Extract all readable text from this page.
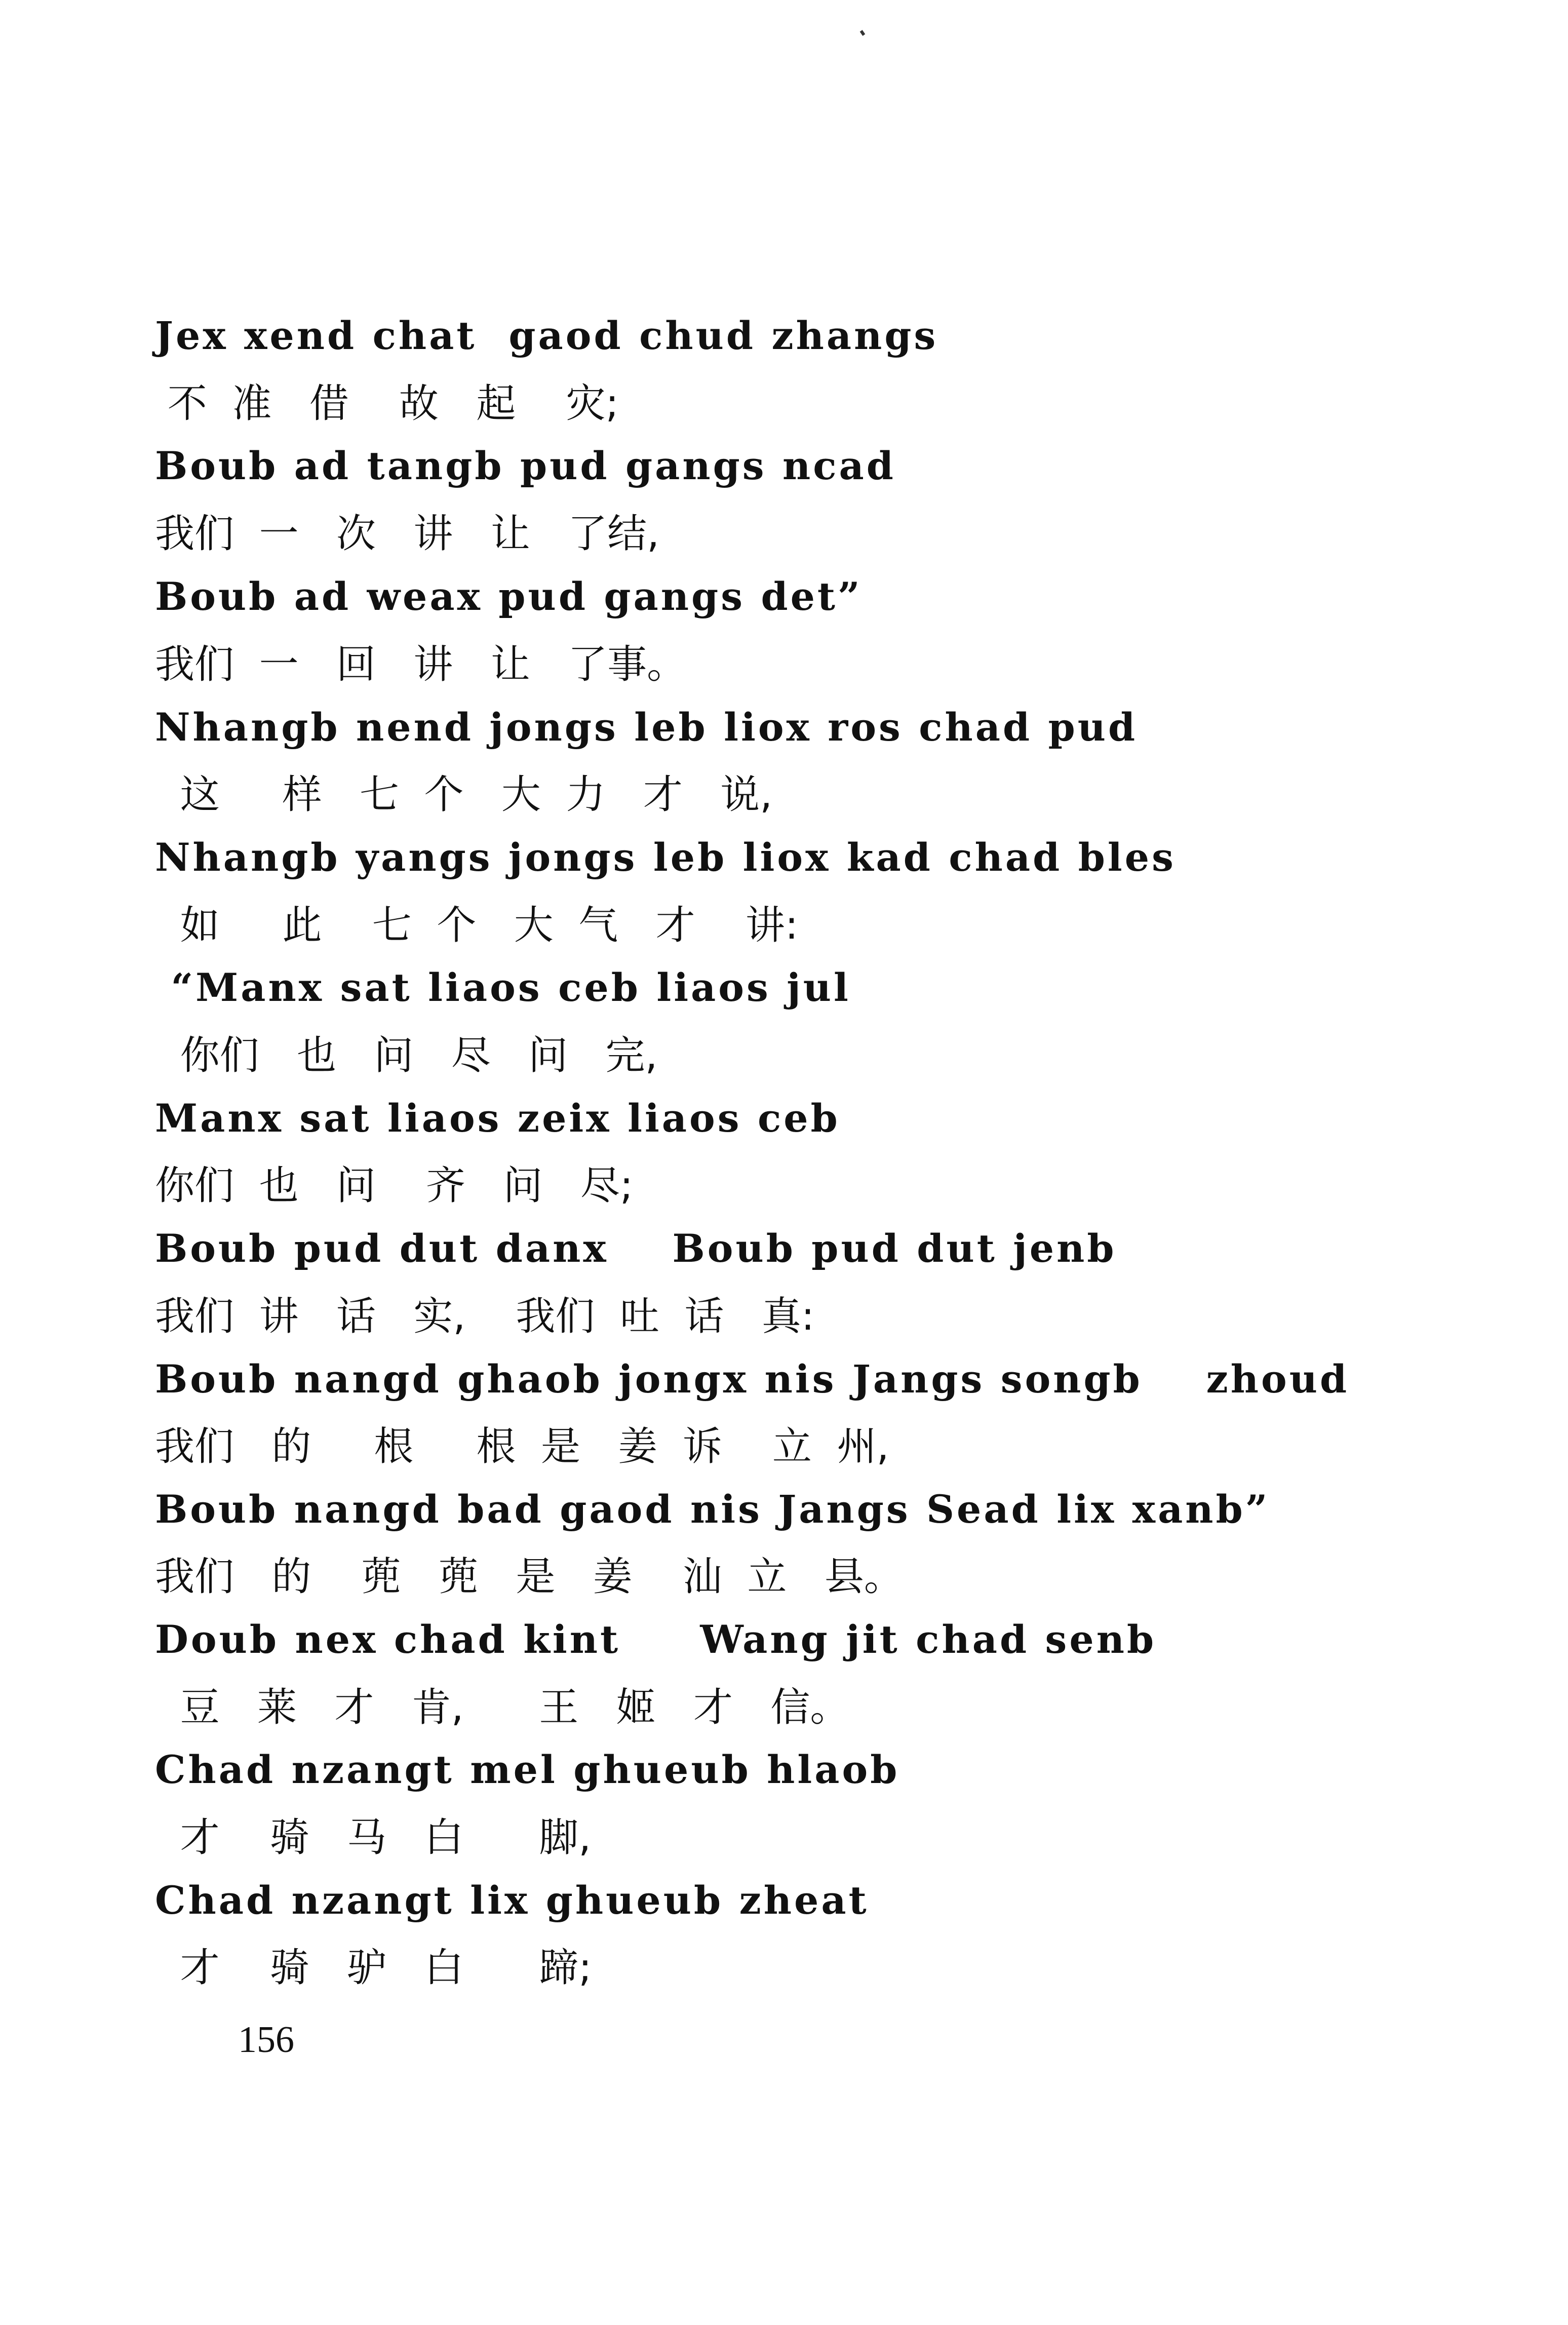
Jex xend chat  gaod chud zhangs
不  准   借    故   起    灾;
Boub ad tangb pud gangs ncad
我们  一   次   讲   让   了结,
Boub ad weax pud gangs det”
我们  一   回   讲   让   了事。
Nhangb nend jongs leb liox ros chad pud
这     样   七  个   大  力   才   说,
Nhangb yangs jongs leb liox kad chad bles
如     此    七  个   大  气   才    讲:
“Manx sat liaos ceb liaos jul
你们   也   问   尽   问   完,
Manx sat liaos zeix liaos ceb
你们  也   问    齐   问   尽;
Boub pud dut danx    Boub pud dut jenb
我们  讲   话   实,    我们  吐  话   真:
Boub nangd ghaob jongx nis Jangs songb    zhoud
我们   的     根     根  是   姜  诉    立  州,
Boub nangd bad gaod nis Jangs Sead lix xanb”
我们   的    蔸   蔸   是   姜    汕  立   县。
Doub nex chad kint     Wang jit chad senb
豆   莱   才   肯,      王   姬   才   信。
Chad nzangt mel ghueub hlaob
才    骑   马   白      脚,
Chad nzangt lix ghueub zheat
才    骑   驴   白      蹄;
156
